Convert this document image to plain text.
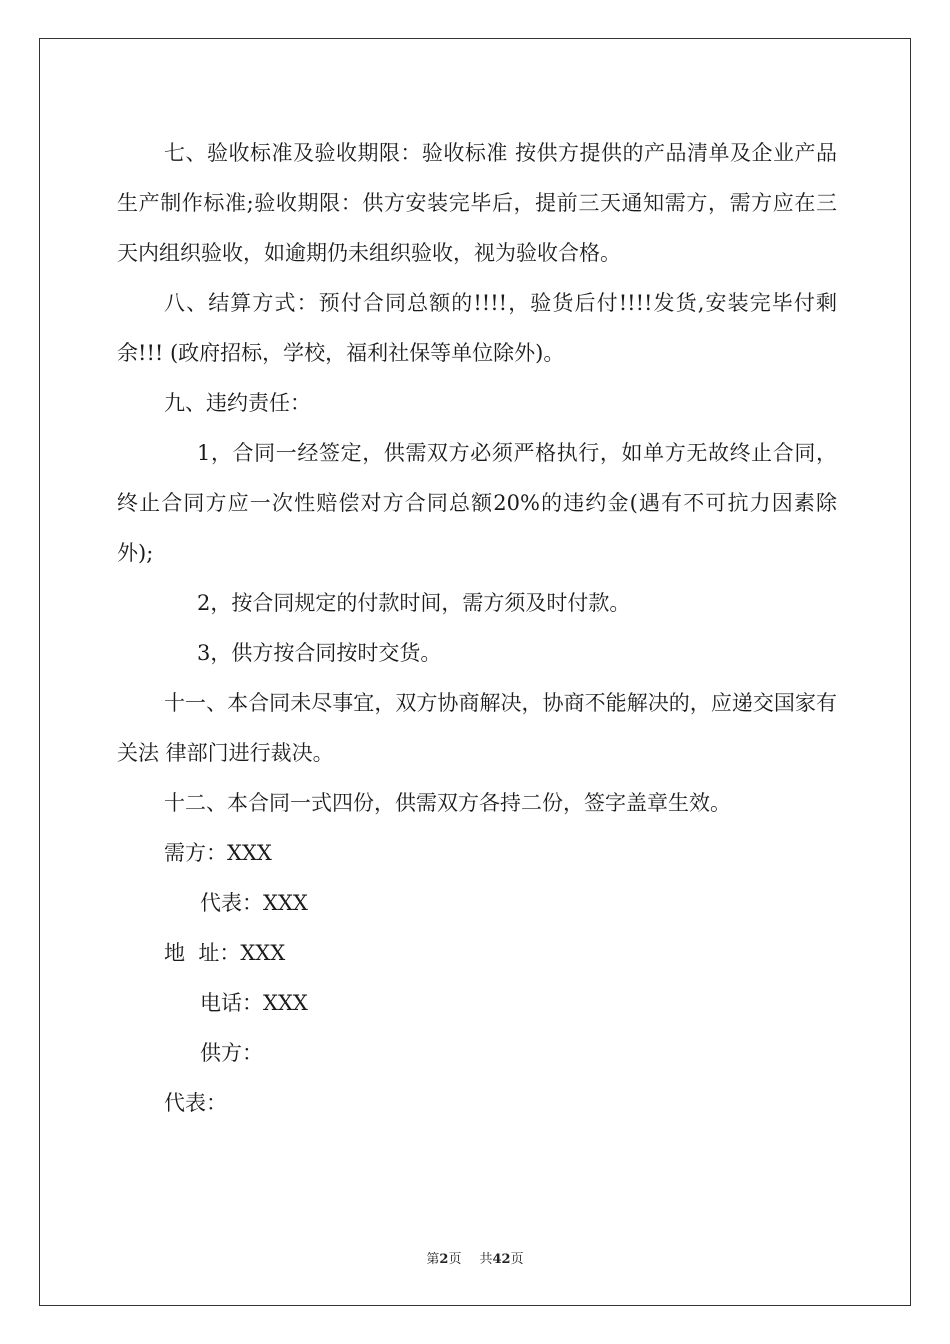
七、验收标准及验收期限：验收标准 按供方提供的产品清单及企业产品生产制作标准;验收期限：供方安装完毕后，提前三天通知需方，需方应在三天内组织验收，如逾期仍未组织验收，视为验收合格。

八、结算方式：预付合同总额的!!!!，验货后付!!!!发货,安装完毕付剩余!!! (政府招标，学校，福利社保等单位除外)。

九、违约责任：

1，合同一经签定，供需双方必须严格执行，如单方无故终止合同，终止合同方应一次性赔偿对方合同总额20%的违约金(遇有不可抗力因素除外);

2，按合同规定的付款时间，需方须及时付款。

3，供方按合同按时交货。

十一、本合同未尽事宜，双方协商解决，协商不能解决的，应递交国家有关法 律部门进行裁决。

十二、本合同一式四份，供需双方各持二份，签字盖章生效。

需方：XXX

代表：XXX

地  址：XXX

电话：XXX

供方：

代表：

第2页 共42页
